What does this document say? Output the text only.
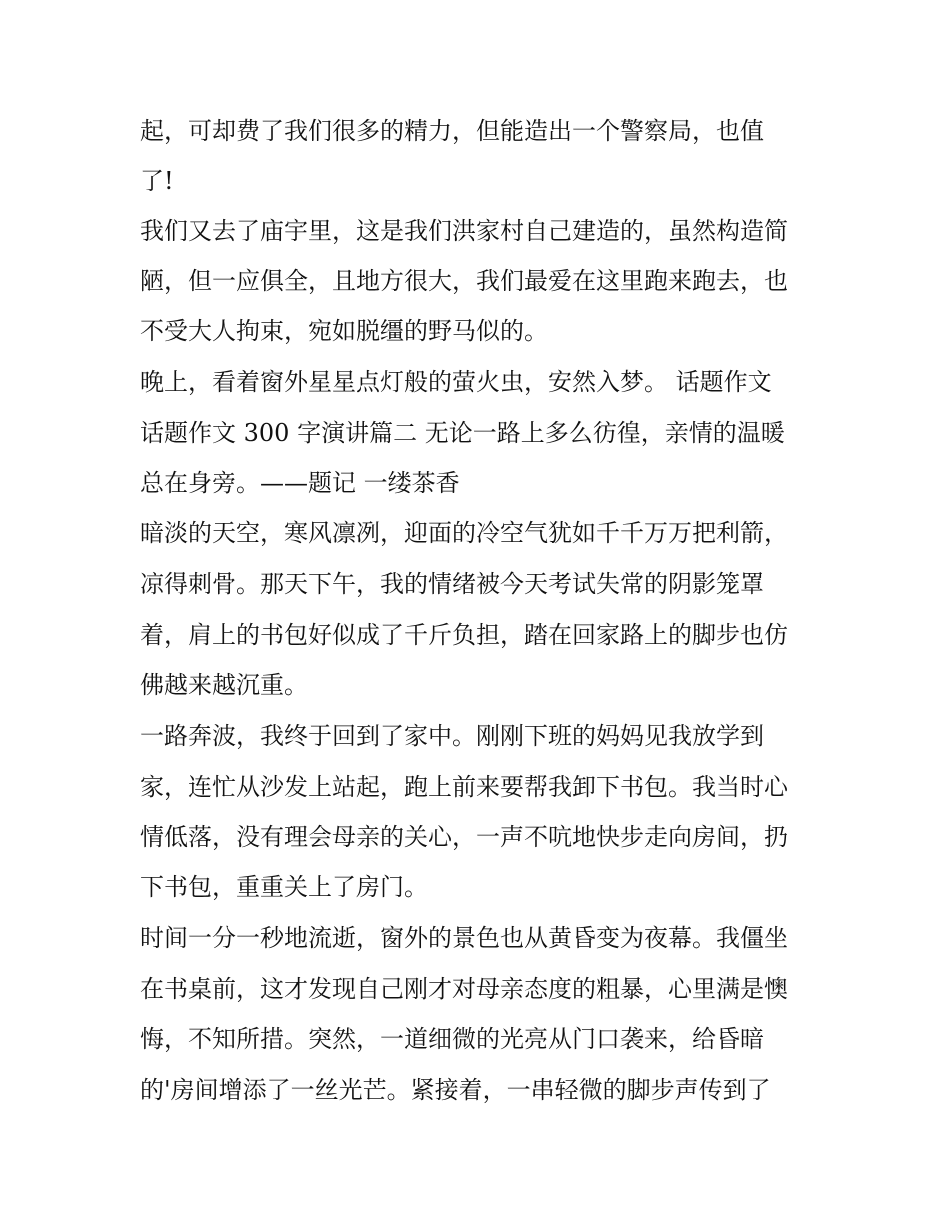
起，可却费了我们很多的精力，但能造出一个警察局，也值

了!

我们又去了庙宇里，这是我们洪家村自己建造的，虽然构造简

陋，但一应俱全，且地方很大，我们最爱在这里跑来跑去，也

不受大人拘束，宛如脱缰的野马似的。

晚上，看着窗外星星点灯般的萤火虫，安然入梦。 话题作文

话题作文 300 字演讲篇二 无论一路上多么彷徨，亲情的温暖

总在身旁。——题记 一缕茶香

暗淡的天空，寒风凛冽，迎面的冷空气犹如千千万万把利箭，

凉得刺骨。那天下午，我的情绪被今天考试失常的阴影笼罩

着，肩上的书包好似成了千斤负担，踏在回家路上的脚步也仿

佛越来越沉重。

一路奔波，我终于回到了家中。刚刚下班的妈妈见我放学到

家，连忙从沙发上站起，跑上前来要帮我卸下书包。我当时心

情低落，没有理会母亲的关心，一声不吭地快步走向房间，扔

下书包，重重关上了房门。

时间一分一秒地流逝，窗外的景色也从黄昏变为夜幕。我僵坐

在书桌前，这才发现自己刚才对母亲态度的粗暴，心里满是懊

悔，不知所措。突然，一道细微的光亮从门口袭来，给昏暗

的'房间增添了一丝光芒。紧接着，一串轻微的脚步声传到了
